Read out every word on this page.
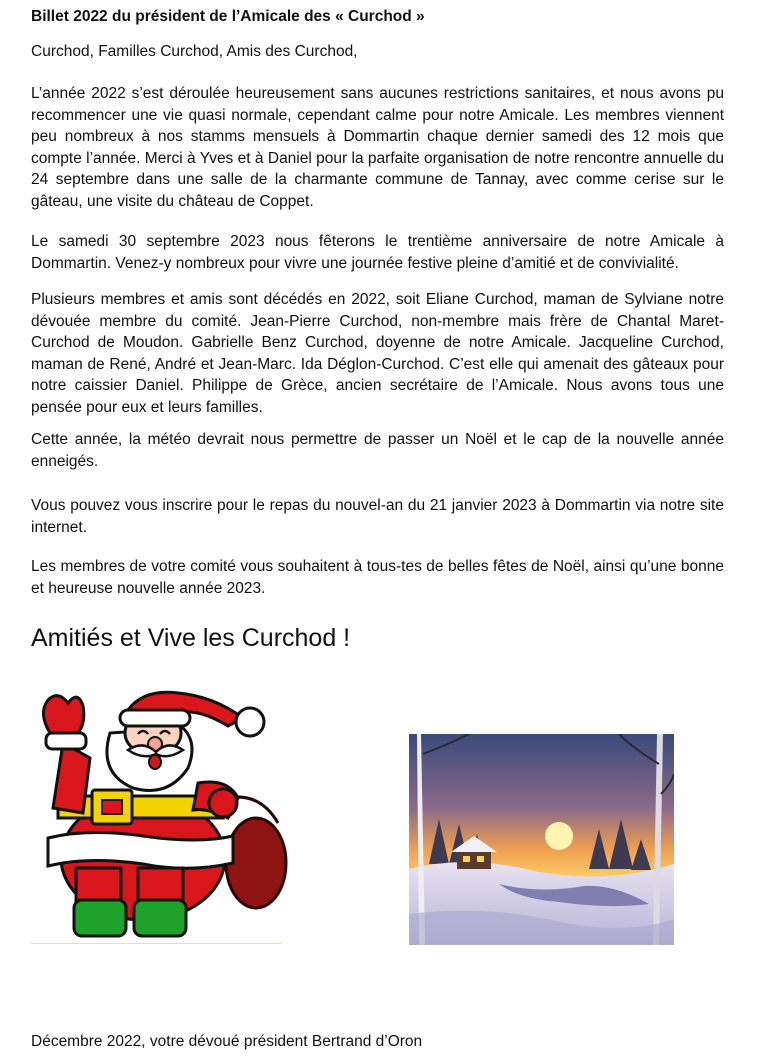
Billet 2022 du président de l’Amicale des « Curchod »

Curchod, Familles Curchod, Amis des Curchod,

L’année 2022 s’est déroulée heureusement sans aucunes restrictions sanitaires, et nous avons pu recommencer une vie quasi normale, cependant calme pour notre Amicale. Les membres viennent peu nombreux à nos stamms mensuels à Dommartin chaque dernier samedi des 12 mois que compte l’année. Merci à Yves et à Daniel pour la parfaite organisation de notre rencontre annuelle du 24 septembre dans une salle de la charmante commune de Tannay, avec comme cerise sur le gâteau, une visite du château de Coppet.

Le samedi 30 septembre 2023 nous fêterons le trentième anniversaire de notre Amicale à Dommartin. Venez-y nombreux pour vivre une journée festive pleine d’amitié et de convivialité.

Plusieurs membres et amis sont décédés en 2022, soit Eliane Curchod, maman de Sylviane notre dévouée membre du comité. Jean-Pierre Curchod, non-membre mais frère de Chantal Maret-Curchod de Moudon. Gabrielle Benz Curchod, doyenne de notre Amicale. Jacqueline Curchod, maman de René, André et Jean-Marc. Ida Déglon-Curchod. C’est elle qui amenait des gâteaux pour notre caissier Daniel. Philippe de Grèce, ancien secrétaire de l’Amicale. Nous avons tous une pensée pour eux et leurs familles.

Cette année, la météo devrait nous permettre de passer un Noël et le cap de la nouvelle année enneigés.

Vous pouvez vous inscrire pour le repas du nouvel-an du 21 janvier 2023 à Dommartin via notre site internet.

Les membres de votre comité vous souhaitent à tous-tes de belles fêtes de Noël, ainsi qu’une bonne et heureuse nouvelle année 2023.

Amitiés et Vive les Curchod !

Décembre 2022, votre dévoué président Bertrand d’Oron
